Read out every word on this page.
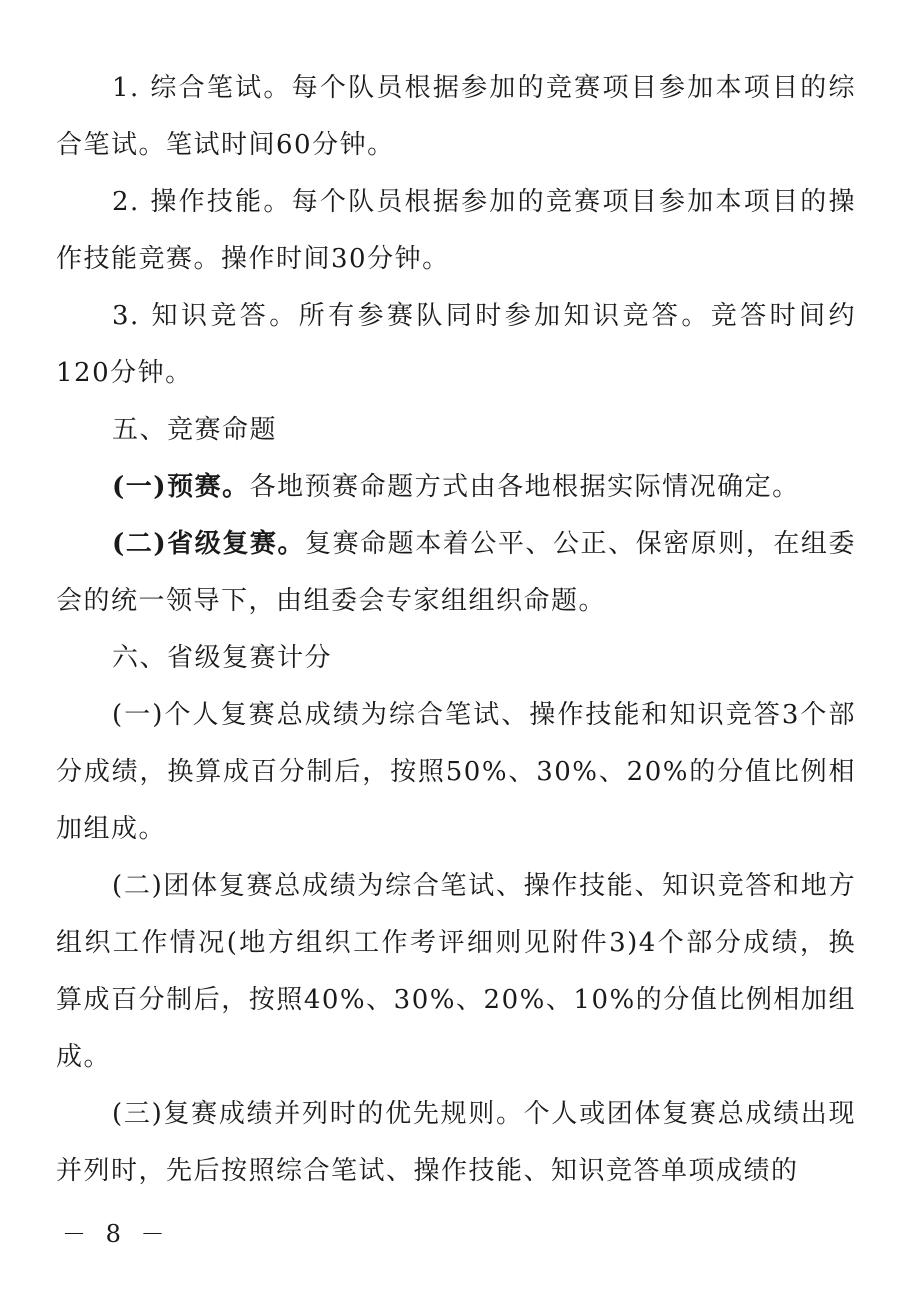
1. 综合笔试。每个队员根据参加的竞赛项目参加本项目的综合笔试。笔试时间60分钟。

2. 操作技能。每个队员根据参加的竞赛项目参加本项目的操作技能竞赛。操作时间30分钟。

3. 知识竞答。所有参赛队同时参加知识竞答。竞答时间约120分钟。

五、竞赛命题

(一)预赛。各地预赛命题方式由各地根据实际情况确定。

(二)省级复赛。复赛命题本着公平、公正、保密原则，在组委会的统一领导下，由组委会专家组组织命题。

六、省级复赛计分

(一)个人复赛总成绩为综合笔试、操作技能和知识竞答3个部分成绩，换算成百分制后，按照50%、30%、20%的分值比例相加组成。

(二)团体复赛总成绩为综合笔试、操作技能、知识竞答和地方组织工作情况(地方组织工作考评细则见附件3)4个部分成绩，换算成百分制后，按照40%、30%、20%、10%的分值比例相加组成。

(三)复赛成绩并列时的优先规则。个人或团体复赛总成绩出现并列时，先后按照综合笔试、操作技能、知识竞答单项成绩的

－ 8 －
